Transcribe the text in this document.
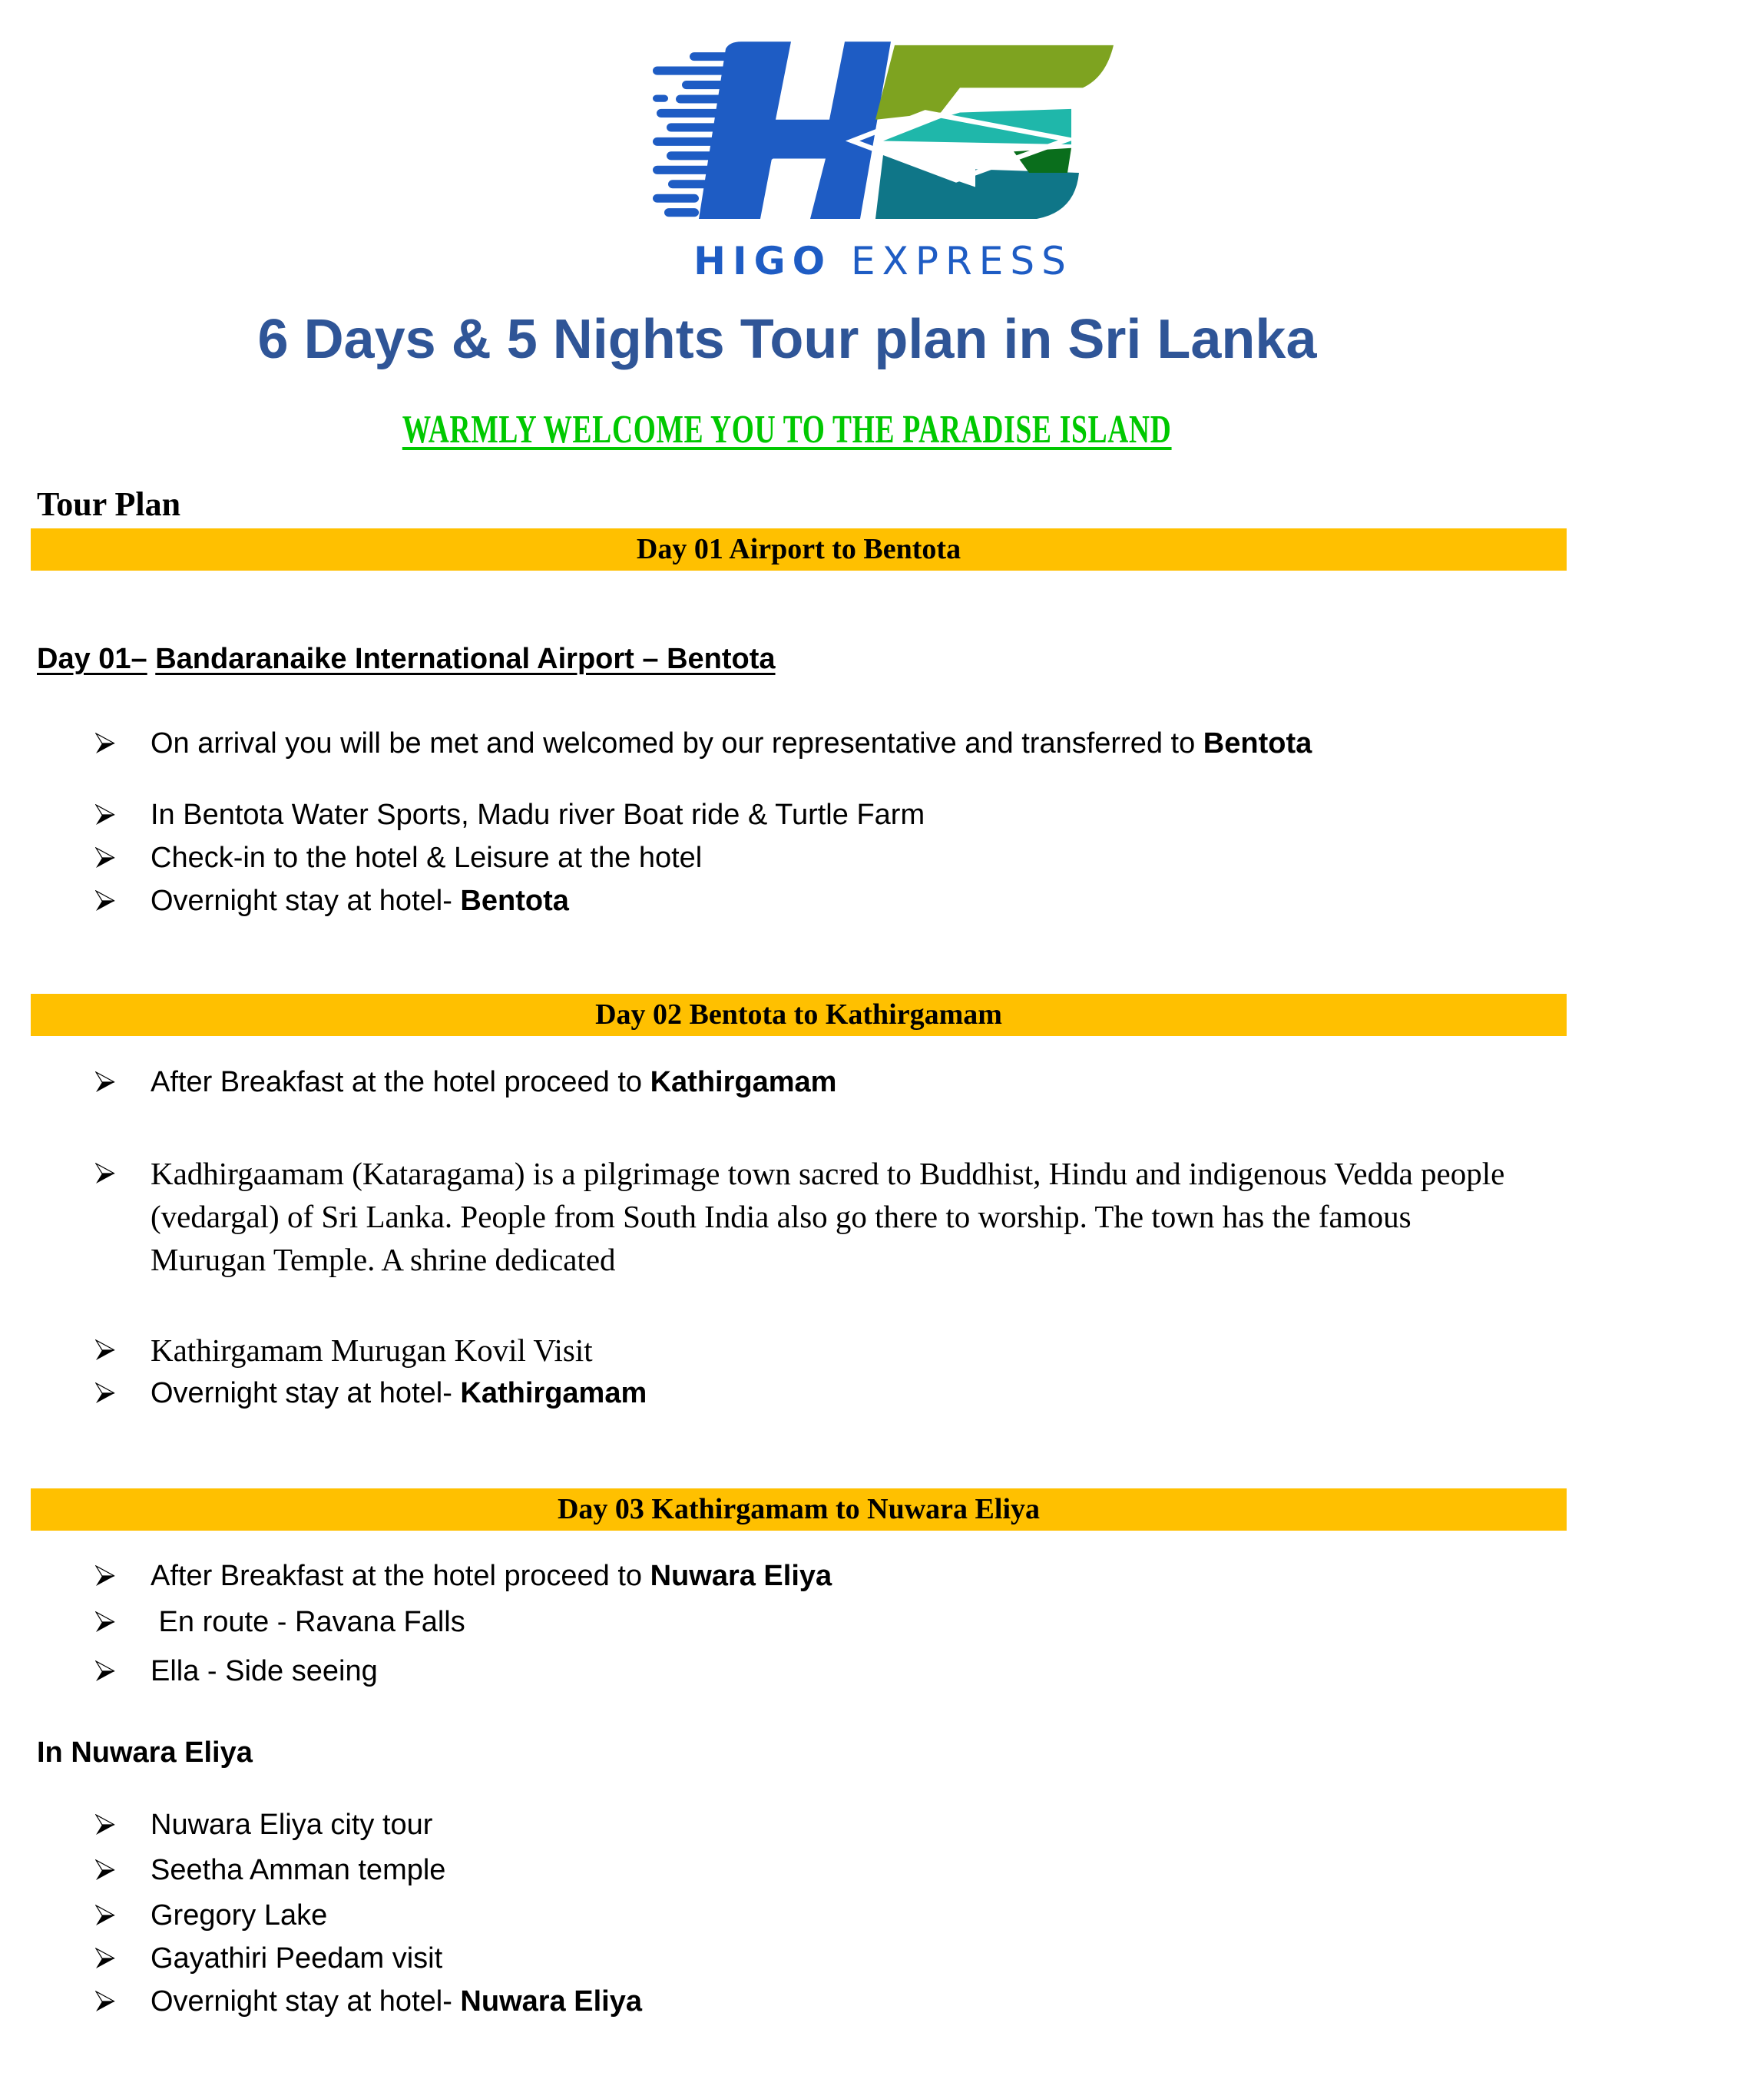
HIGO EXPRESS
6 Days & 5 Nights Tour plan in Sri Lanka
WARMLY WELCOME YOU TO THE PARADISE ISLAND
Tour Plan
Day 01 Airport to Bentota
Day 01– Bandaranaike International Airport – Bentota
On arrival you will be met and welcomed by our representative and transferred to Bentota
In Bentota Water Sports, Madu river Boat ride & Turtle Farm
Check-in to the hotel & Leisure at the hotel
Overnight stay at hotel- Bentota
Day 02 Bentota to Kathirgamam
After Breakfast at the hotel proceed to Kathirgamam
Kadhirgaamam (Kataragama) is a pilgrimage town sacred to Buddhist, Hindu and indigenous Vedda people (vedargal) of Sri Lanka. People from South India also go there to worship. The town has the famous Murugan Temple. A shrine dedicated
Kathirgamam Murugan Kovil Visit
Overnight stay at hotel- Kathirgamam
Day 03 Kathirgamam to Nuwara Eliya
After Breakfast at the hotel proceed to Nuwara Eliya
En route - Ravana Falls
Ella - Side seeing
In Nuwara Eliya
Nuwara Eliya city tour
Seetha Amman temple
Gregory Lake
Gayathiri Peedam visit
Overnight stay at hotel- Nuwara Eliya
